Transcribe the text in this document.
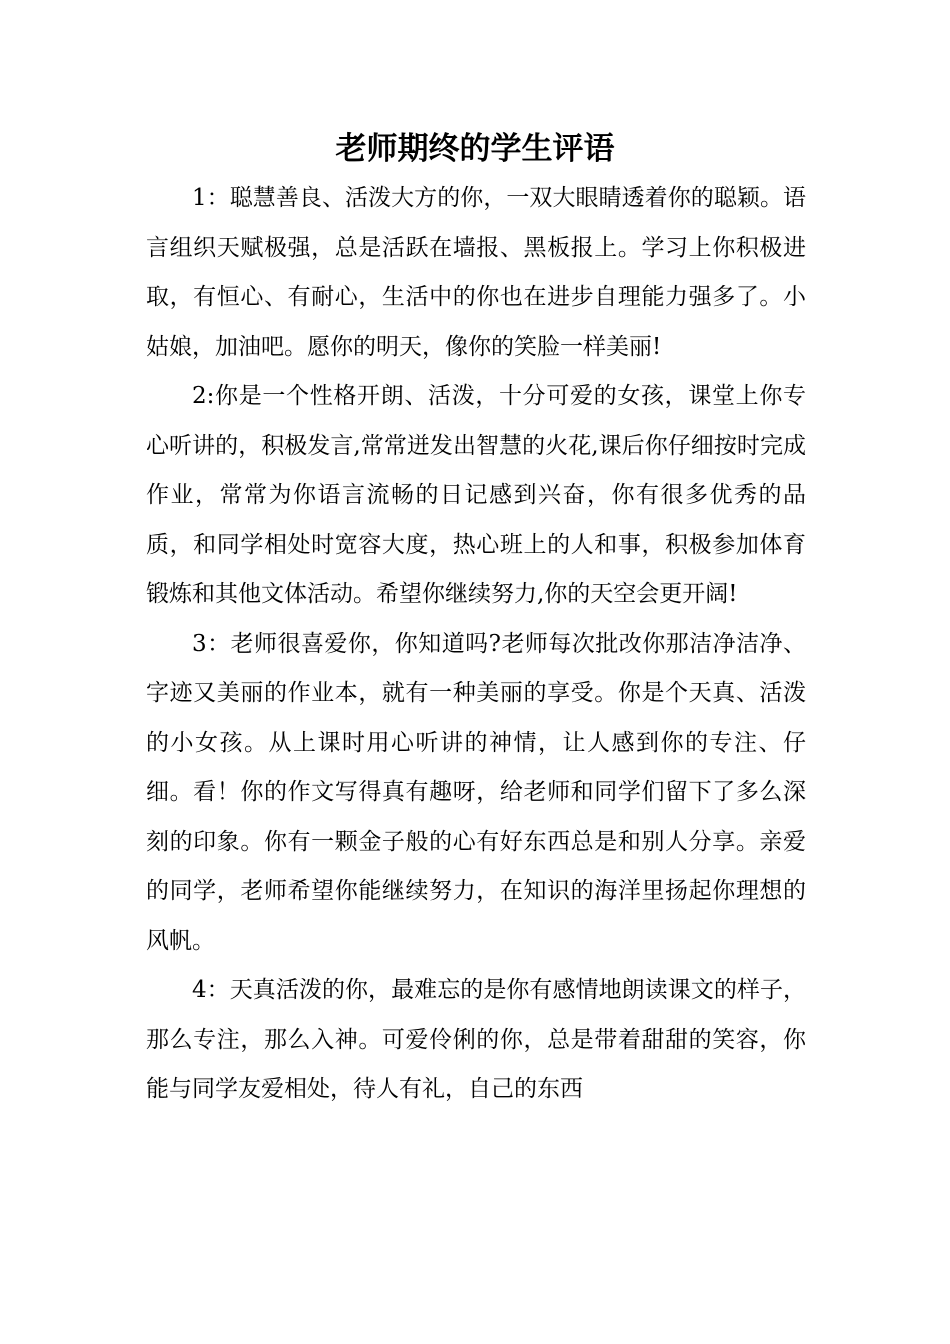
老师期终的学生评语

1：聪慧善良、活泼大方的你，一双大眼睛透着你的聪颖。语言组织天赋极强，总是活跃在墙报、黑板报上。学习上你积极进取，有恒心、有耐心，生活中的你也在进步自理能力强多了。小姑娘，加油吧。愿你的明天，像你的笑脸一样美丽!

2:你是一个性格开朗、活泼，十分可爱的女孩，课堂上你专心听讲的，积极发言,常常迸发出智慧的火花,课后你仔细按时完成作业，常常为你语言流畅的日记感到兴奋，你有很多优秀的品质，和同学相处时宽容大度，热心班上的人和事，积极参加体育锻炼和其他文体活动。希望你继续努力,你的天空会更开阔!

3：老师很喜爱你，你知道吗?老师每次批改你那洁净洁净、字迹又美丽的作业本，就有一种美丽的享受。你是个天真、活泼的小女孩。从上课时用心听讲的神情，让人感到你的专注、仔细。看！你的作文写得真有趣呀，给老师和同学们留下了多么深刻的印象。你有一颗金子般的心有好东西总是和别人分享。亲爱的同学，老师希望你能继续努力，在知识的海洋里扬起你理想的风帆。

4：天真活泼的你，最难忘的是你有感情地朗读课文的样子，那么专注，那么入神。可爱伶俐的你，总是带着甜甜的笑容，你能与同学友爱相处，待人有礼，自己的东西
